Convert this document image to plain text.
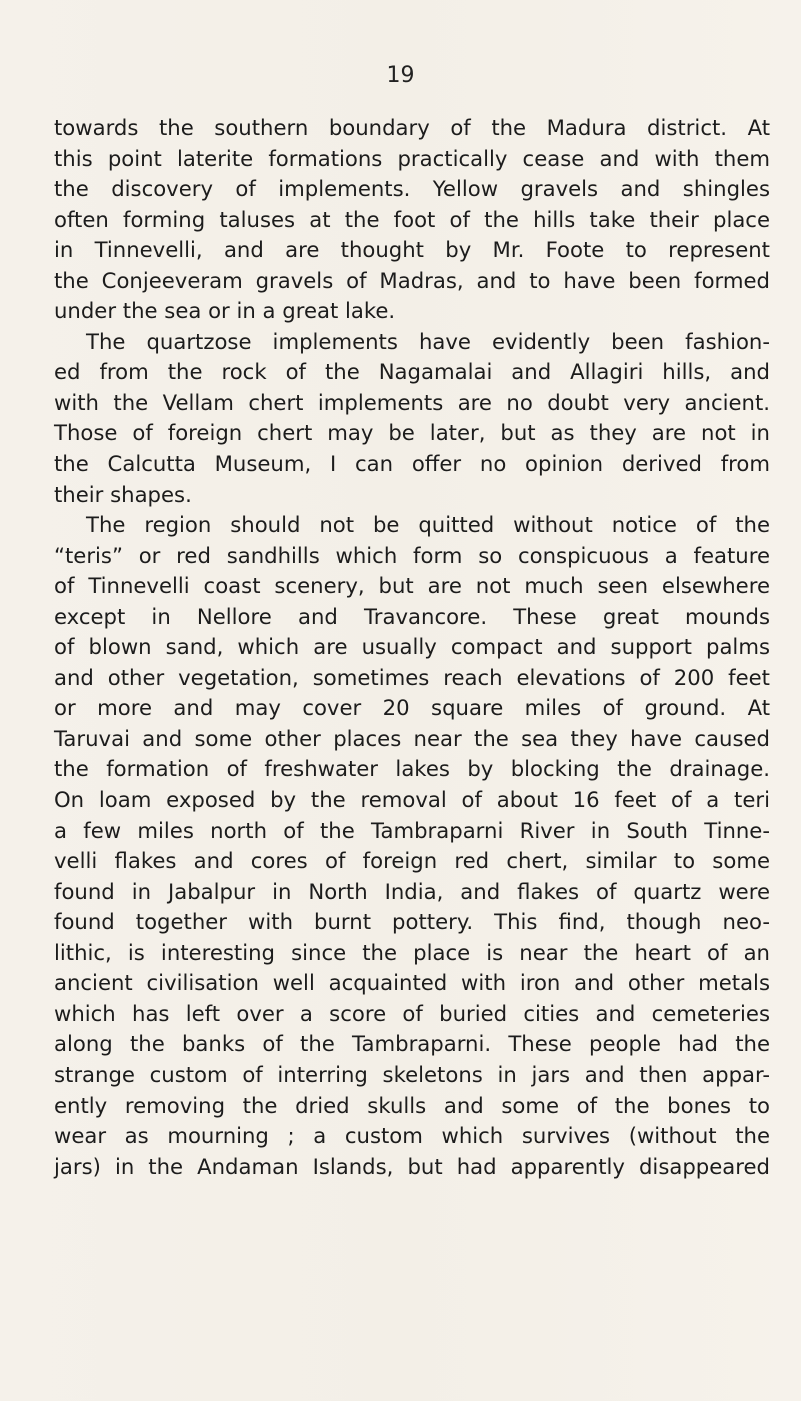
19
towards the southern boundary of the Madura district. At
this point laterite formations practically cease and with them
the discovery of implements. Yellow gravels and shingles
often forming taluses at the foot of the hills take their place
in Tinnevelli, and are thought by Mr. Foote to represent
the Conjeeveram gravels of Madras, and to have been formed
under the sea or in a great lake.
The quartzose implements have evidently been fashion-
ed from the rock of the Nagamalai and Allagiri hills, and
with the Vellam chert implements are no doubt very ancient.
Those of foreign chert may be later, but as they are not in
the Calcutta Museum, I can offer no opinion derived from
their shapes.
The region should not be quitted without notice of the
“teris” or red sandhills which form so conspicuous a feature
of Tinnevelli coast scenery, but are not much seen elsewhere
except in Nellore and Travancore. These great mounds
of blown sand, which are usually compact and support palms
and other vegetation, sometimes reach elevations of 200 feet
or more and may cover 20 square miles of ground. At
Taruvai and some other places near the sea they have caused
the formation of freshwater lakes by blocking the drainage.
On loam exposed by the removal of about 16 feet of a teri
a few miles north of the Tambraparni River in South Tinne-
velli flakes and cores of foreign red chert, similar to some
found in Jabalpur in North India, and flakes of quartz were
found together with burnt pottery. This find, though neo-
lithic, is interesting since the place is near the heart of an
ancient civilisation well acquainted with iron and other metals
which has left over a score of buried cities and cemeteries
along the banks of the Tambraparni. These people had the
strange custom of interring skeletons in jars and then appar-
ently removing the dried skulls and some of the bones to
wear as mourning ; a custom which survives (without the
jars) in the Andaman Islands, but had apparently disappeared
